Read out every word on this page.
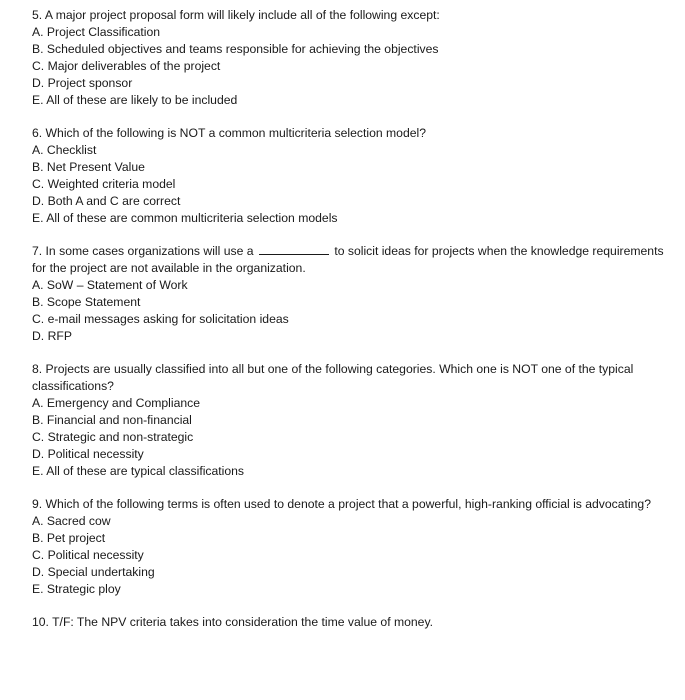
5. A major project proposal form will likely include all of the following except:
A. Project Classification
B. Scheduled objectives and teams responsible for achieving the objectives
C. Major deliverables of the project
D. Project sponsor
E. All of these are likely to be included
6. Which of the following is NOT a common multicriteria selection model?
A. Checklist
B. Net Present Value
C. Weighted criteria model
D. Both A and C are correct
E. All of these are common multicriteria selection models
7. In some cases organizations will use a	to solicit ideas for projects when the knowledge requirements for the project are not available in the organization.
A. SoW – Statement of Work
B. Scope Statement
C. e-mail messages asking for solicitation ideas
D. RFP
8. Projects are usually classified into all but one of the following categories. Which one is NOT one of the typical classifications?
A. Emergency and Compliance
B. Financial and non-financial
C. Strategic and non-strategic
D. Political necessity
E. All of these are typical classifications
9. Which of the following terms is often used to denote a project that a powerful, high-ranking official is advocating?
A. Sacred cow
B. Pet project
C. Political necessity
D. Special undertaking
E. Strategic ploy
10. T/F: The NPV criteria takes into consideration the time value of money.
